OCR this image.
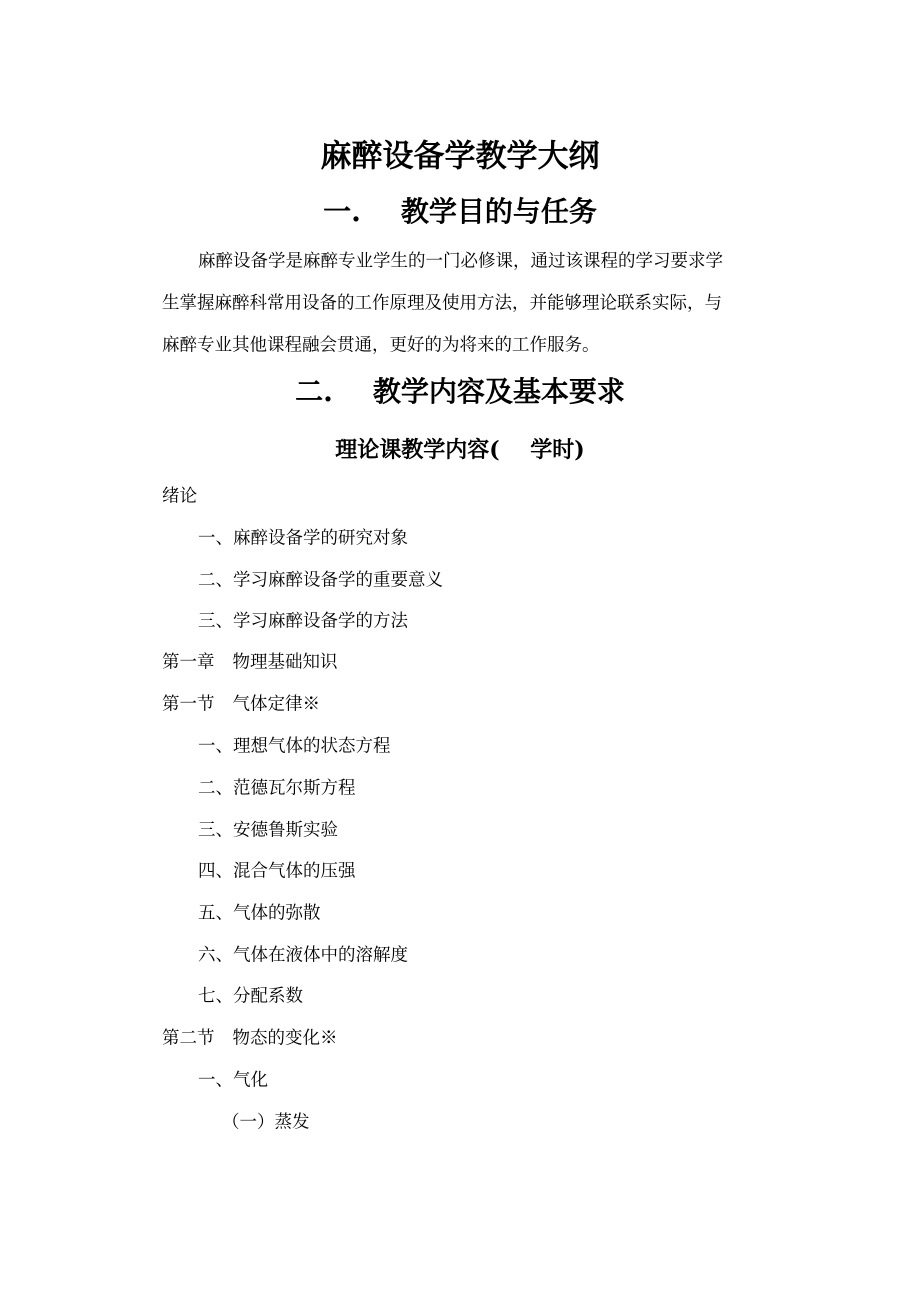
麻醉设备学教学大纲
一. 教学目的与任务
麻醉设备学是麻醉专业学生的一门必修课，通过该课程的学习要求学
生掌握麻醉科常用设备的工作原理及使用方法，并能够理论联系实际，与
麻醉专业其他课程融会贯通，更好的为将来的工作服务。
二. 教学内容及基本要求
理论课教学内容(    学时)
绪论
一、麻醉设备学的研究对象
二、学习麻醉设备学的重要意义
三、学习麻醉设备学的方法
第一章 物理基础知识
第一节 气体定律※
一、理想气体的状态方程
二、范德瓦尔斯方程
三、安德鲁斯实验
四、混合气体的压强
五、气体的弥散
六、气体在液体中的溶解度
七、分配系数
第二节 物态的变化※
一、气化
（一）蒸发
